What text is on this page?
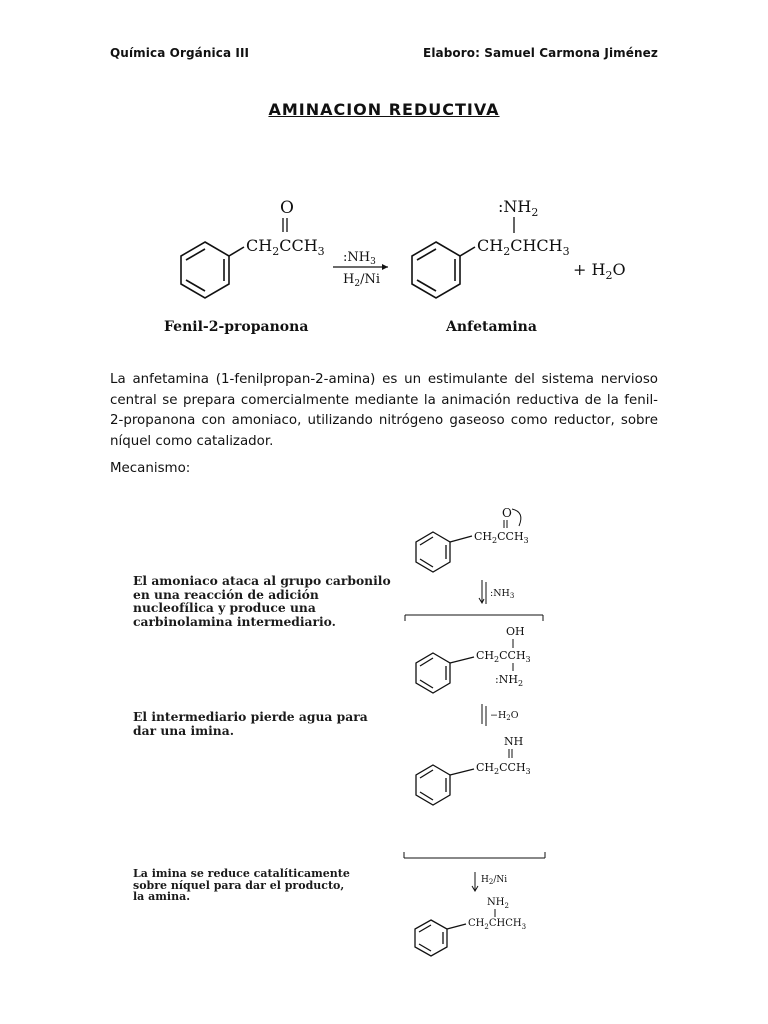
Química Orgánica III	Elaboro: Samuel Carmona Jiménez
AMINACION REDUCTIVA
O
$CH_2CCH_3$ $:NH_3$
$H_2/Ni$
$:NH_2$
$CH_2CHCH_3$
+ $H_2O$
Fenil-2-propanona	Anfetamina
La anfetamina (1-fenilpropan-2-amina) es un estimulante del sistema nervioso central se prepara comercialmente mediante la animación reductiva de la fenil-2-propanona con amoniaco, utilizando nitrógeno gaseoso como reductor, sobre níquel como catalizador.
Mecanismo:
El amoniaco ataca al grupo carbonilo
en una reacción de adición
nucleofílica y produce una
carbinolamina intermediario.
El intermediario pierde agua para
dar una imina.
La imina se reduce catalíticamente
sobre níquel para dar el producto,
la amina.
O
$CH_2CCH_3$
$:NH_3$
OH
$CH_2CCH_3$
$:NH_2$
$-H_2O$
NH
$CH_2CCH_3$
$H_2/Ni$
$NH_2$
$CH_2CHCH_3$
